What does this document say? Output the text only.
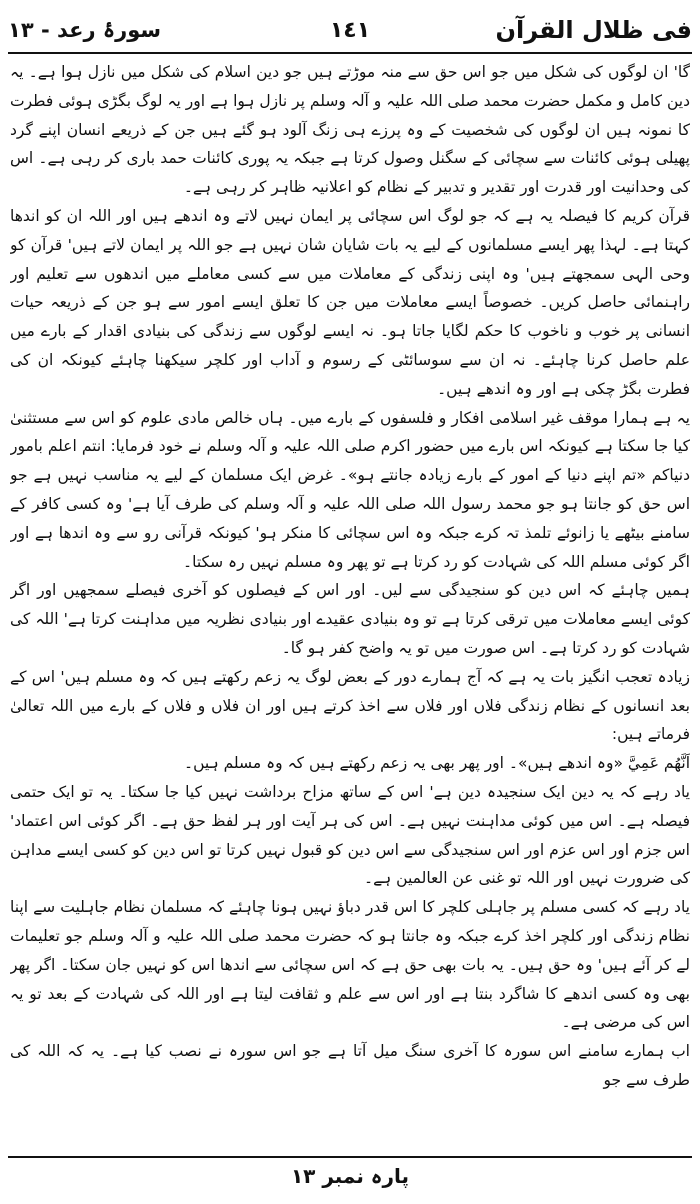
سورۂ رعد - ١٣	١٤١	فی ظلال القرآن

گا' ان لوگوں کی شکل میں جو اس حق سے منہ موڑتے ہیں جو دین اسلام کی شکل میں نازل ہوا ہے۔ یہ دین کامل و مکمل حضرت محمد صلی اللہ علیہ و آلہ وسلم پر نازل ہوا ہے اور یہ لوگ بگڑی ہوئی فطرت کا نمونہ ہیں ان لوگوں کی شخصیت کے وہ پرزے ہی زنگ آلود ہو گئے ہیں جن کے ذریعے انسان اپنے گرد پھیلی ہوئی کائنات سے سچائی کے سگنل وصول کرتا ہے جبکہ یہ پوری کائنات حمد باری کر رہی ہے۔ اس کی وحدانیت اور قدرت اور تقدیر و تدبیر کے نظام کو اعلانیہ ظاہر کر رہی ہے۔

قرآن کریم کا فیصلہ یہ ہے کہ جو لوگ اس سچائی پر ایمان نہیں لاتے وہ اندھے ہیں اور اللہ ان کو اندھا کہتا ہے۔ لہذا پھر ایسے مسلمانوں کے لیے یہ بات شایان شان نہیں ہے جو اللہ پر ایمان لاتے ہیں' قرآن کو وحی الہی سمجھتے ہیں' وہ اپنی زندگی کے معاملات میں سے کسی معاملے میں اندھوں سے تعلیم اور راہنمائی حاصل کریں۔ خصوصاً ایسے معاملات میں جن کا تعلق ایسے امور سے ہو جن کے ذریعہ حیات انسانی پر خوب و ناخوب کا حکم لگایا جاتا ہو۔ نہ ایسے لوگوں سے زندگی کی بنیادی اقدار کے بارے میں علم حاصل کرنا چاہئے۔ نہ ان سے سوسائٹی کے رسوم و آداب اور کلچر سیکھنا چاہئے کیونکہ ان کی فطرت بگڑ چکی ہے اور وہ اندھے ہیں۔

یہ ہے ہمارا موقف غیر اسلامی افکار و فلسفوں کے بارے میں۔ ہاں خالص مادی علوم کو اس سے مستثنیٰ کیا جا سکتا ہے کیونکہ اس بارے میں حضور اکرم صلی اللہ علیہ و آلہ وسلم نے خود فرمایا: انتم اعلم بامور دنیاکم «تم اپنے دنیا کے امور کے بارے زیادہ جانتے ہو»۔ غرض ایک مسلمان کے لیے یہ مناسب نہیں ہے جو اس حق کو جانتا ہو جو محمد رسول اللہ صلی اللہ علیہ و آلہ وسلم کی طرف آیا ہے' وہ کسی کافر کے سامنے بیٹھے یا زانوئے تلمذ تہ کرے جبکہ وہ اس سچائی کا منکر ہو' کیونکہ قرآنی رو سے وہ اندھا ہے اور اگر کوئی مسلم اللہ کی شہادت کو رد کرتا ہے تو پھر وہ مسلم نہیں رہ سکتا۔

ہمیں چاہئے کہ اس دین کو سنجیدگی سے لیں۔ اور اس کے فیصلوں کو آخری فیصلے سمجھیں اور اگر کوئی ایسے معاملات میں ترقی کرتا ہے تو وہ بنیادی عقیدے اور بنیادی نظریہ میں مداہنت کرتا ہے' اللہ کی شہادت کو رد کرتا ہے۔ اس صورت میں تو یہ واضح کفر ہو گا۔

زیادہ تعجب انگیز بات یہ ہے کہ آج ہمارے دور کے بعض لوگ یہ زعم رکھتے ہیں کہ وہ مسلم ہیں' اس کے بعد انسانوں کے نظام زندگی فلاں اور فلاں سے اخذ کرتے ہیں اور ان فلاں و فلاں کے بارے میں اللہ تعالیٰ فرماتے ہیں:

اَنَّهُم عَمِيَّ «وہ اندھے ہیں»۔ اور پھر بھی یہ زعم رکھتے ہیں کہ وہ مسلم ہیں۔

یاد رہے کہ یہ دین ایک سنجیدہ دین ہے' اس کے ساتھ مزاح برداشت نہیں کیا جا سکتا۔ یہ تو ایک حتمی فیصلہ ہے۔ اس میں کوئی مداہنت نہیں ہے۔ اس کی ہر آیت اور ہر لفظ حق ہے۔ اگر کوئی اس اعتماد' اس جزم اور اس عزم اور اس سنجیدگی سے اس دین کو قبول نہیں کرتا تو اس دین کو کسی ایسے مداہن کی ضرورت نہیں اور اللہ تو غنی عن العالمین ہے۔

یاد رہے کہ کسی مسلم پر جاہلی کلچر کا اس قدر دباؤ نہیں ہونا چاہئے کہ مسلمان نظام جاہلیت سے اپنا نظام زندگی اور کلچر اخذ کرے جبکہ وہ جانتا ہو کہ حضرت محمد صلی اللہ علیہ و آلہ وسلم جو تعلیمات لے کر آئے ہیں' وہ حق ہیں۔ یہ بات بھی حق ہے کہ اس سچائی سے اندھا اس کو نہیں جان سکتا۔ اگر پھر بھی وہ کسی اندھے کا شاگرد بنتا ہے اور اس سے علم و ثقافت لیتا ہے اور اللہ کی شہادت کے بعد تو یہ اس کی مرضی ہے۔

اب ہمارے سامنے اس سورہ کا آخری سنگ میل آتا ہے جو اس سورہ نے نصب کیا ہے۔ یہ کہ اللہ کی طرف سے جو

پارہ نمبر ١٣
